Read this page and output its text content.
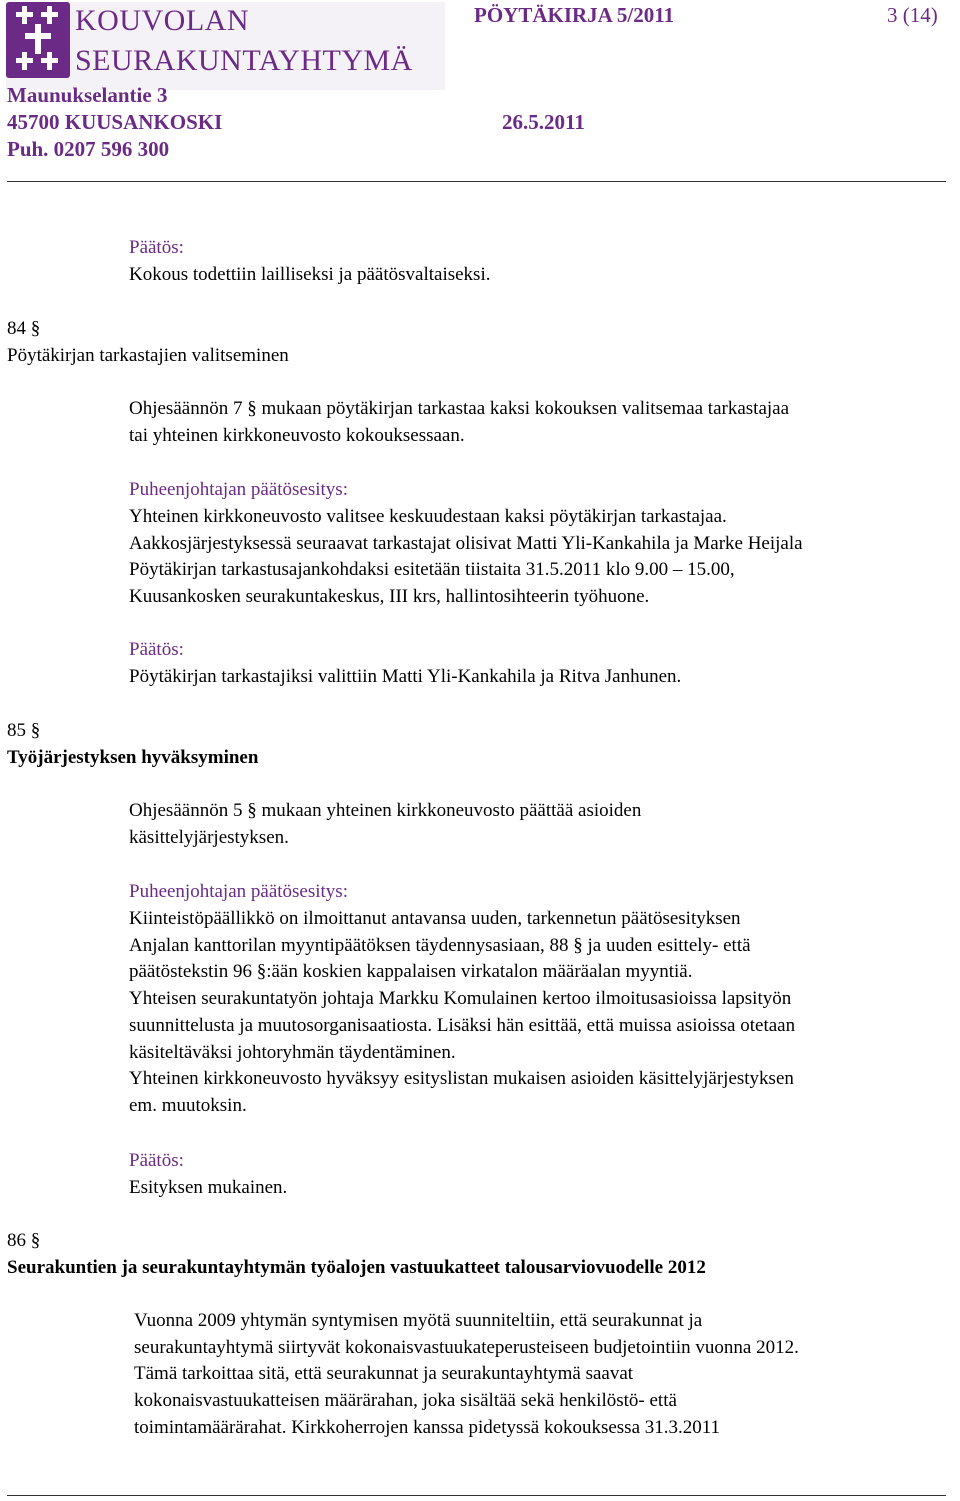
KOUVOLAN
SEURAKUNTAYHTYMÄ
PÖYTÄKIRJA 5/2011	3 (14)
Maunukselantie 3
45700 KUUSANKOSKI	26.5.2011
Puh. 0207 596 300
Päätös:
Kokous todettiin lailliseksi ja päätösvaltaiseksi.
84 §
Pöytäkirjan tarkastajien valitseminen
Ohjesäännön 7 § mukaan pöytäkirjan tarkastaa kaksi kokouksen valitsemaa tarkastajaa
tai yhteinen kirkkoneuvosto kokouksessaan.
Puheenjohtajan päätösesitys:
Yhteinen kirkkoneuvosto valitsee keskuudestaan kaksi pöytäkirjan tarkastajaa.
Aakkosjärjestyksessä seuraavat tarkastajat olisivat Matti Yli-Kankahila ja Marke Heijala
Pöytäkirjan tarkastusajankohdaksi esitetään tiistaita 31.5.2011 klo 9.00 – 15.00,
Kuusankosken seurakuntakeskus, III krs, hallintosihteerin työhuone.
Päätös:
Pöytäkirjan tarkastajiksi valittiin Matti Yli-Kankahila ja Ritva Janhunen.
85 §
Työjärjestyksen hyväksyminen
Ohjesäännön 5 § mukaan yhteinen kirkkoneuvosto päättää asioiden
käsittelyjärjestyksen.
Puheenjohtajan päätösesitys:
Kiinteistöpäällikkö on ilmoittanut antavansa uuden, tarkennetun päätösesityksen
Anjalan kanttorilan myyntipäätöksen täydennysasiaan, 88 § ja uuden esittely- että
päätöstekstin 96 §:ään koskien kappalaisen virkatalon määräalan myyntiä.
Yhteisen seurakuntatyön johtaja Markku Komulainen kertoo ilmoitusasioissa lapsityön
suunnittelusta ja muutosorganisaatiosta. Lisäksi hän esittää, että muissa asioissa otetaan
käsiteltäväksi johtoryhmän täydentäminen.
Yhteinen kirkkoneuvosto hyväksyy esityslistan mukaisen asioiden käsittelyjärjestyksen
em. muutoksin.
Päätös:
Esityksen mukainen.
86 §
Seurakuntien ja seurakuntayhtymän työalojen vastuukatteet talousarviovuodelle 2012
Vuonna 2009 yhtymän syntymisen myötä suunniteltiin, että seurakunnat ja
seurakuntayhtymä siirtyvät kokonaisvastuukateperusteiseen budjetointiin vuonna 2012.
Tämä tarkoittaa sitä, että seurakunnat ja seurakuntayhtymä saavat
kokonaisvastuukatteisen määrärahan, joka sisältää sekä henkilöstö- että
toimintamäärärahat. Kirkkoherrojen kanssa pidetyssä kokouksessa 31.3.2011
